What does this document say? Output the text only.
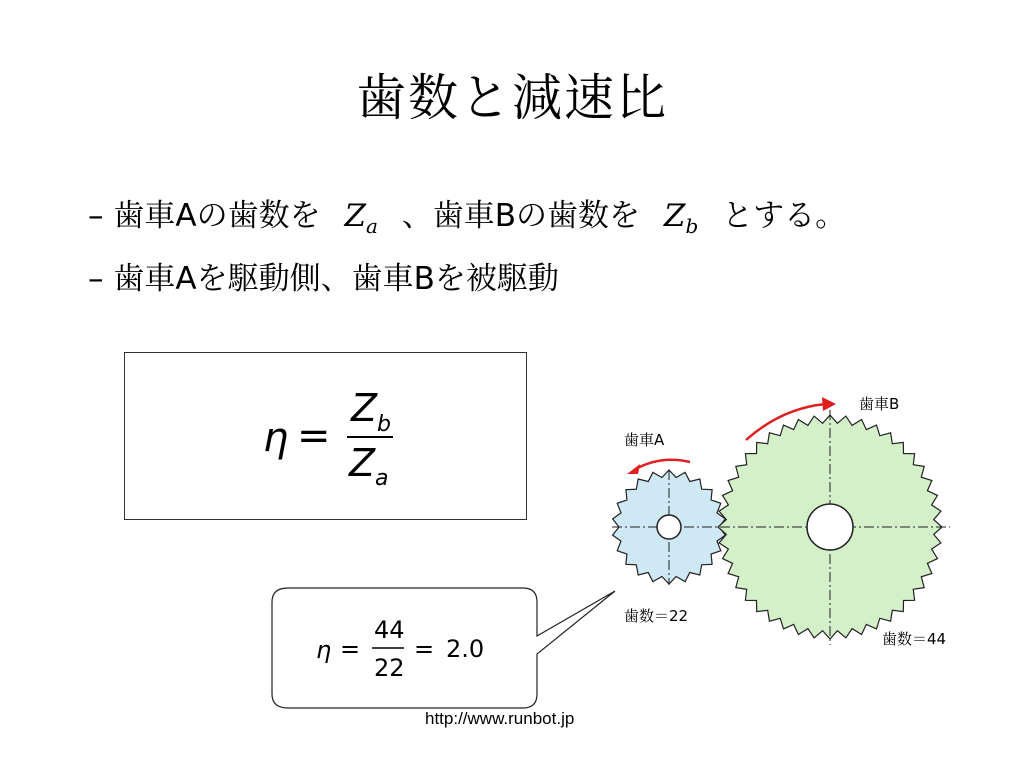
歯数と減速比
– 歯車Aの歯数を $Z_a$ 、歯車Bの歯数を $Z_b$ とする。
– 歯車Aを駆動側、歯車Bを被駆動
η =
Z b
Z a
η =
44
22
= 2.0
歯車A
歯車B
歯数＝22
歯数＝44
http://www.runbot.jp
